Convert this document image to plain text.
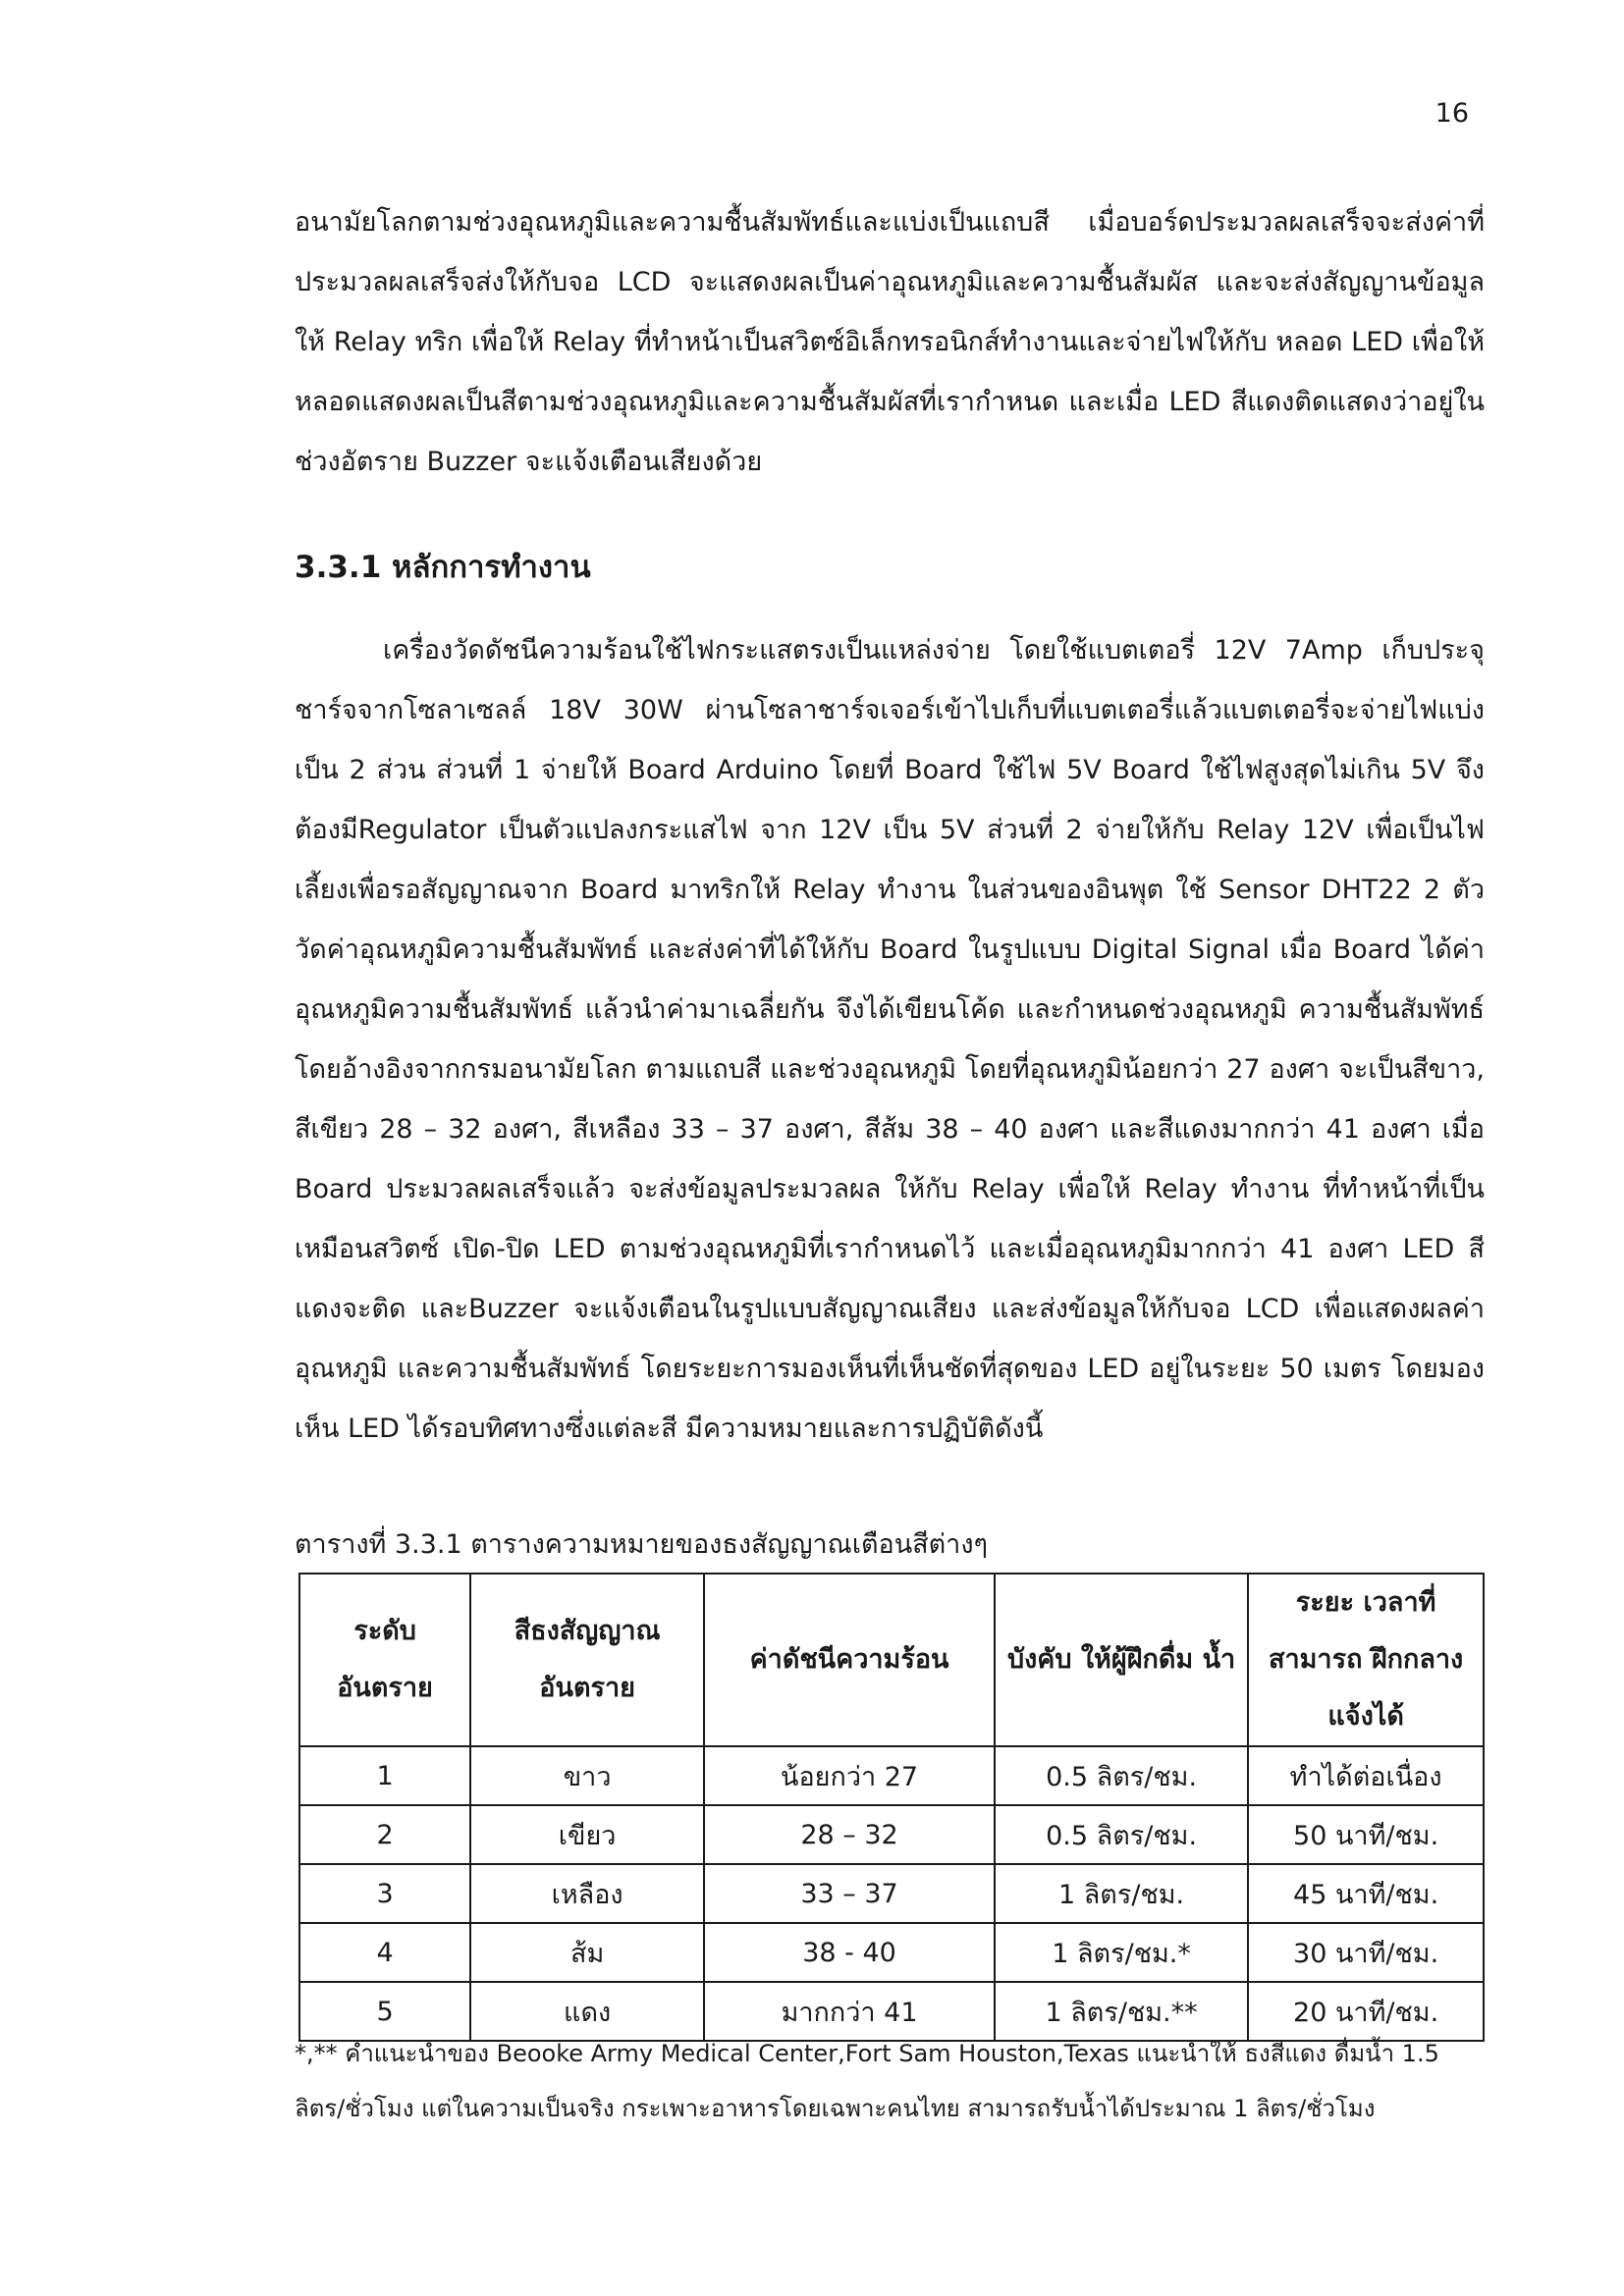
16

อนามัยโลกตามช่วงอุณหภูมิและความชื้นสัมพัทธ์และแบ่งเป็นแถบสี เมื่อบอร์ดประมวลผลเสร็จจะส่งค่าที่ประมวลผลเสร็จส่งให้กับจอ LCD จะแสดงผลเป็นค่าอุณหภูมิและความชื้นสัมผัส และจะส่งสัญญานข้อมูลให้ Relay ทริก เพื่อให้ Relay ที่ทำหน้าเป็นสวิตซ์อิเล็กทรอนิกส์ทำงานและจ่ายไฟให้กับ หลอด LED เพื่อให้หลอดแสดงผลเป็นสีตามช่วงอุณหภูมิและความชื้นสัมผัสที่เรากำหนด และเมื่อ LED สีแดงติดแสดงว่าอยู่ในช่วงอัตราย Buzzer จะแจ้งเตือนเสียงด้วย

3.3.1 หลักการทำงาน

เครื่องวัดดัชนีความร้อนใช้ไฟกระแสตรงเป็นแหล่งจ่าย โดยใช้แบตเตอรี่ 12V 7Amp เก็บประจุชาร์จจากโซลาเซลล์ 18V 30W ผ่านโซลาชาร์จเจอร์เข้าไปเก็บที่แบตเตอรี่แล้วแบตเตอรี่จะจ่ายไฟแบ่งเป็น 2 ส่วน ส่วนที่ 1 จ่ายให้ Board Arduino โดยที่ Board ใช้ไฟ 5V Board ใช้ไฟสูงสุดไม่เกิน 5V จึงต้องมีRegulator เป็นตัวแปลงกระแสไฟ จาก 12V เป็น 5V ส่วนที่ 2 จ่ายให้กับ Relay 12V เพื่อเป็นไฟเลี้ยงเพื่อรอสัญญาณจาก Board มาทริกให้ Relay ทำงาน ในส่วนของอินพุต ใช้ Sensor DHT22 2 ตัว วัดค่าอุณหภูมิความชื้นสัมพัทธ์ และส่งค่าที่ได้ให้กับ Board ในรูปแบบ Digital Signal เมื่อ Board ได้ค่าอุณหภูมิความชื้นสัมพัทธ์ แล้วนำค่ามาเฉลี่ยกัน จึงได้เขียนโค้ด และกำหนดช่วงอุณหภูมิ ความชื้นสัมพัทธ์โดยอ้างอิงจากกรมอนามัยโลก ตามแถบสี และช่วงอุณหภูมิ โดยที่อุณหภูมิน้อยกว่า 27 องศา จะเป็นสีขาว, สีเขียว 28 – 32 องศา, สีเหลือง 33 – 37 องศา, สีส้ม 38 – 40 องศา และสีแดงมากกว่า 41 องศา เมื่อ Board ประมวลผลเสร็จแล้ว จะส่งข้อมูลประมวลผล ให้กับ Relay เพื่อให้ Relay ทำงาน ที่ทำหน้าที่เป็นเหมือนสวิตซ์ เปิด-ปิด LED ตามช่วงอุณหภูมิที่เรากำหนดไว้ และเมื่ออุณหภูมิมากกว่า 41 องศา LED สีแดงจะติด และBuzzer จะแจ้งเตือนในรูปแบบสัญญาณเสียง และส่งข้อมูลให้กับจอ LCD เพื่อแสดงผลค่าอุณหภูมิ และความชื้นสัมพัทธ์ โดยระยะการมองเห็นที่เห็นชัดที่สุดของ LED อยู่ในระยะ 50 เมตร โดยมองเห็น LED ได้รอบทิศทางซึ่งแต่ละสี มีความหมายและการปฏิบัติดังนี้

ตารางที่ 3.3.1 ตารางความหมายของธงสัญญาณเตือนสีต่างๆ
ระดับ อันตราย	สีธงสัญญาณ อันตราย	ค่าดัชนีความร้อน	บังคับ ให้ผู้ฝึกดื่ม น้ำ	ระยะ เวลาที่สามารถ ฝึกกลางแจ้งได้
1	ขาว	น้อยกว่า 27	0.5 ลิตร/ชม.	ทำได้ต่อเนื่อง
2	เขียว	28 – 32	0.5 ลิตร/ชม.	50 นาที/ชม.
3	เหลือง	33 – 37	1 ลิตร/ชม.	45 นาที/ชม.
4	ส้ม	38 - 40	1 ลิตร/ชม.*	30 นาที/ชม.
5	แดง	มากกว่า 41	1 ลิตร/ชม.**	20 นาที/ชม.
*,** คำแนะนำของ Beooke Army Medical Center,Fort Sam Houston,Texas แนะนำให้ ธงสีแดง ดื่มน้ำ 1.5 ลิตร/ชั่วโมง แต่ในความเป็นจริง กระเพาะอาหารโดยเฉพาะคนไทย สามารถรับน้ำได้ประมาณ 1 ลิตร/ชั่วโมง
